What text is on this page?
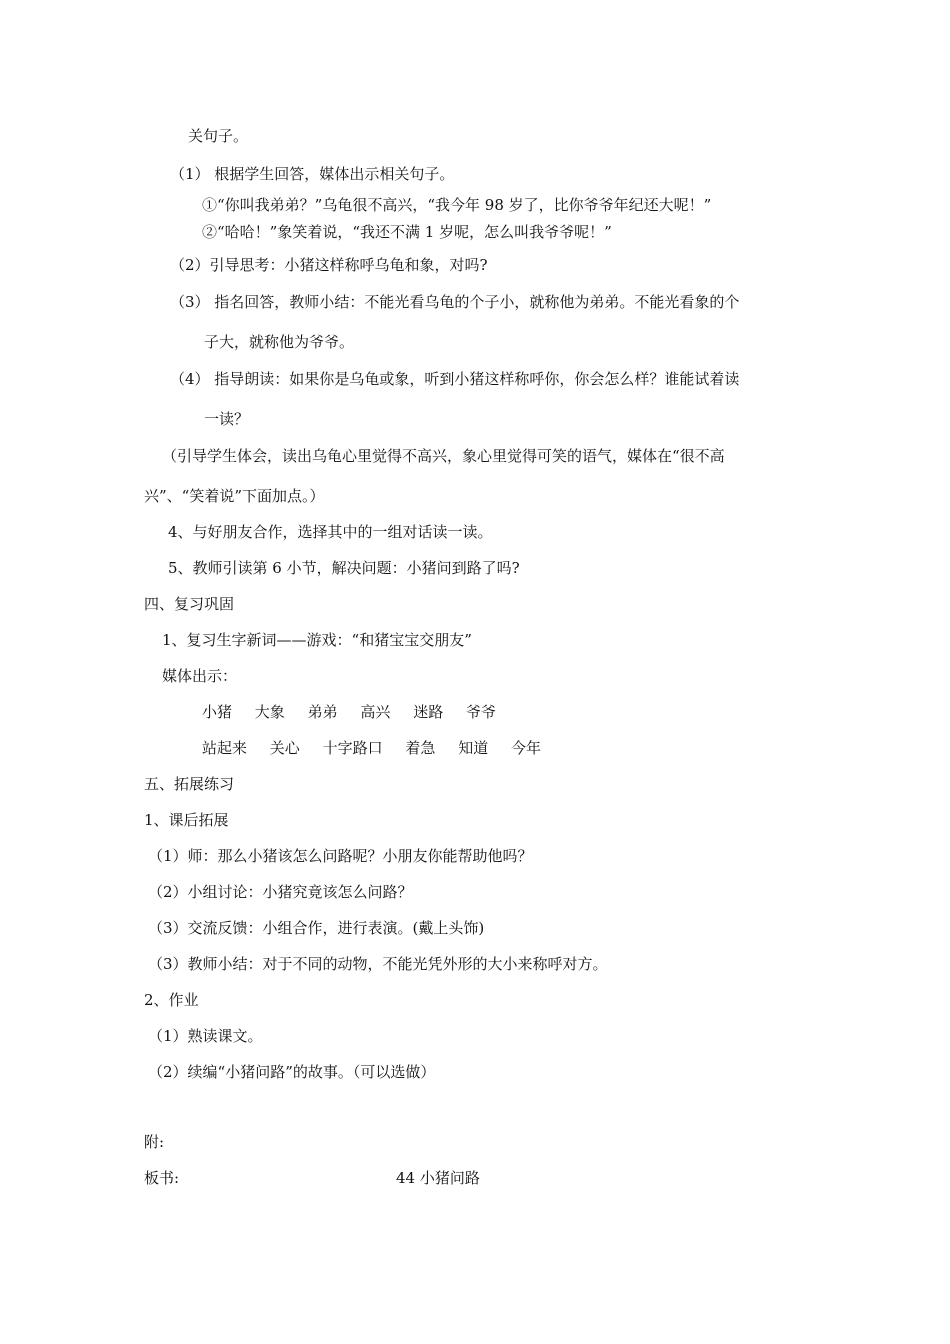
关句子。
（1） 根据学生回答，媒体出示相关句子。
①“你叫我弟弟？”乌龟很不高兴，“我今年 98 岁了，比你爷爷年纪还大呢！”
②“哈哈！”象笑着说，“我还不满 1 岁呢，怎么叫我爷爷呢！”
（2）引导思考：小猪这样称呼乌龟和象，对吗?
（3） 指名回答，教师小结：不能光看乌龟的个子小，就称他为弟弟。不能光看象的个
子大，就称他为爷爷。
（4） 指导朗读：如果你是乌龟或象，听到小猪这样称呼你，你会怎么样？谁能试着读
一读？
（引导学生体会，读出乌龟心里觉得不高兴，象心里觉得可笑的语气，媒体在“很不高
兴”、“笑着说”下面加点。）
4、与好朋友合作，选择其中的一组对话读一读。
5、教师引读第 6 小节，解决问题：小猪问到路了吗?
四、复习巩固
1、复习生字新词——游戏：“和猪宝宝交朋友”
媒体出示：
小猪 大象 弟弟 高兴 迷路 爷爷
站起来 关心 十字路口 着急 知道 今年
五、拓展练习
1、课后拓展
（1）师：那么小猪该怎么问路呢？小朋友你能帮助他吗？
（2）小组讨论：小猪究竟该怎么问路？
（3）交流反馈：小组合作，进行表演。(戴上头饰)
（3）教师小结：对于不同的动物，不能光凭外形的大小来称呼对方。
2、作业
（1）熟读课文。
（2）续编“小猪问路”的故事。（可以选做）
附:
板书:	44 小猪问路
